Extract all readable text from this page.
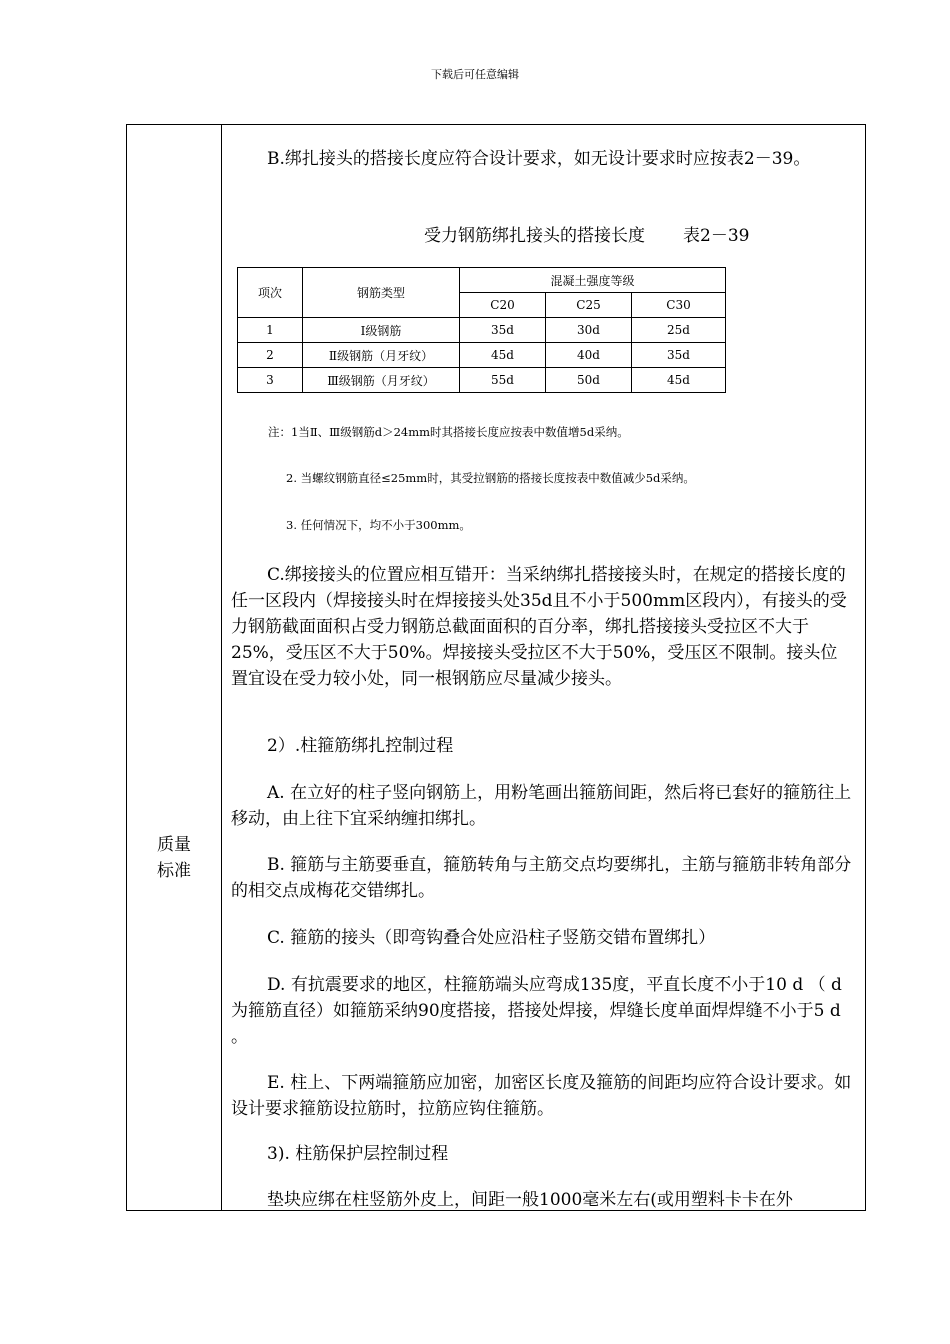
下载后可任意编辑
质量
标准

B.绑扎接头的搭接长度应符合设计要求，如无设计要求时应按表2－39。

受力钢筋绑扎接头的搭接长度 表2－39
项次	钢筋类型	混凝土强度等级		
		C20	C25	C30
1	Ⅰ级钢筋	35d	30d	25d
2	Ⅱ级钢筋（月牙纹）	45d	40d	35d
3	Ⅲ级钢筋（月牙纹）	55d	50d	45d
注：1当Ⅱ、Ⅲ级钢筋d＞24mm时其搭接长度应按表中数值增5d采纳。
2. 当螺纹钢筋直径≤25mm时，其受拉钢筋的搭接长度按表中数值减少5d采纳。
3. 任何情况下，均不小于300mm。

C.绑接接头的位置应相互错开：当采纳绑扎搭接接头时，在规定的搭接长度的任一区段内（焊接接头时在焊接接头处35d且不小于500mm区段内），有接头的受力钢筋截面面积占受力钢筋总截面面积的百分率，绑扎搭接接头受拉区不大于25%，受压区不大于50%。焊接接头受拉区不大于50%，受压区不限制。接头位置宜设在受力较小处，同一根钢筋应尽量减少接头。

2）.柱箍筋绑扎控制过程

A. 在立好的柱子竖向钢筋上，用粉笔画出箍筋间距，然后将已套好的箍筋往上移动，由上往下宜采纳缠扣绑扎。

B. 箍筋与主筋要垂直，箍筋转角与主筋交点均要绑扎，主筋与箍筋非转角部分的相交点成梅花交错绑扎。

C. 箍筋的接头（即弯钩叠合处应沿柱子竖筋交错布置绑扎）

D. 有抗震要求的地区，柱箍筋端头应弯成135度，平直长度不小于10 d （ d 为箍筋直径）如箍筋采纳90度搭接，搭接处焊接，焊缝长度单面焊焊缝不小于5 d 。

E. 柱上、下两端箍筋应加密，加密区长度及箍筋的间距均应符合设计要求。如设计要求箍筋设拉筋时，拉筋应钩住箍筋。

3). 柱筋保护层控制过程

垫块应绑在柱竖筋外皮上，间距一般1000毫米左右(或用塑料卡卡在外
